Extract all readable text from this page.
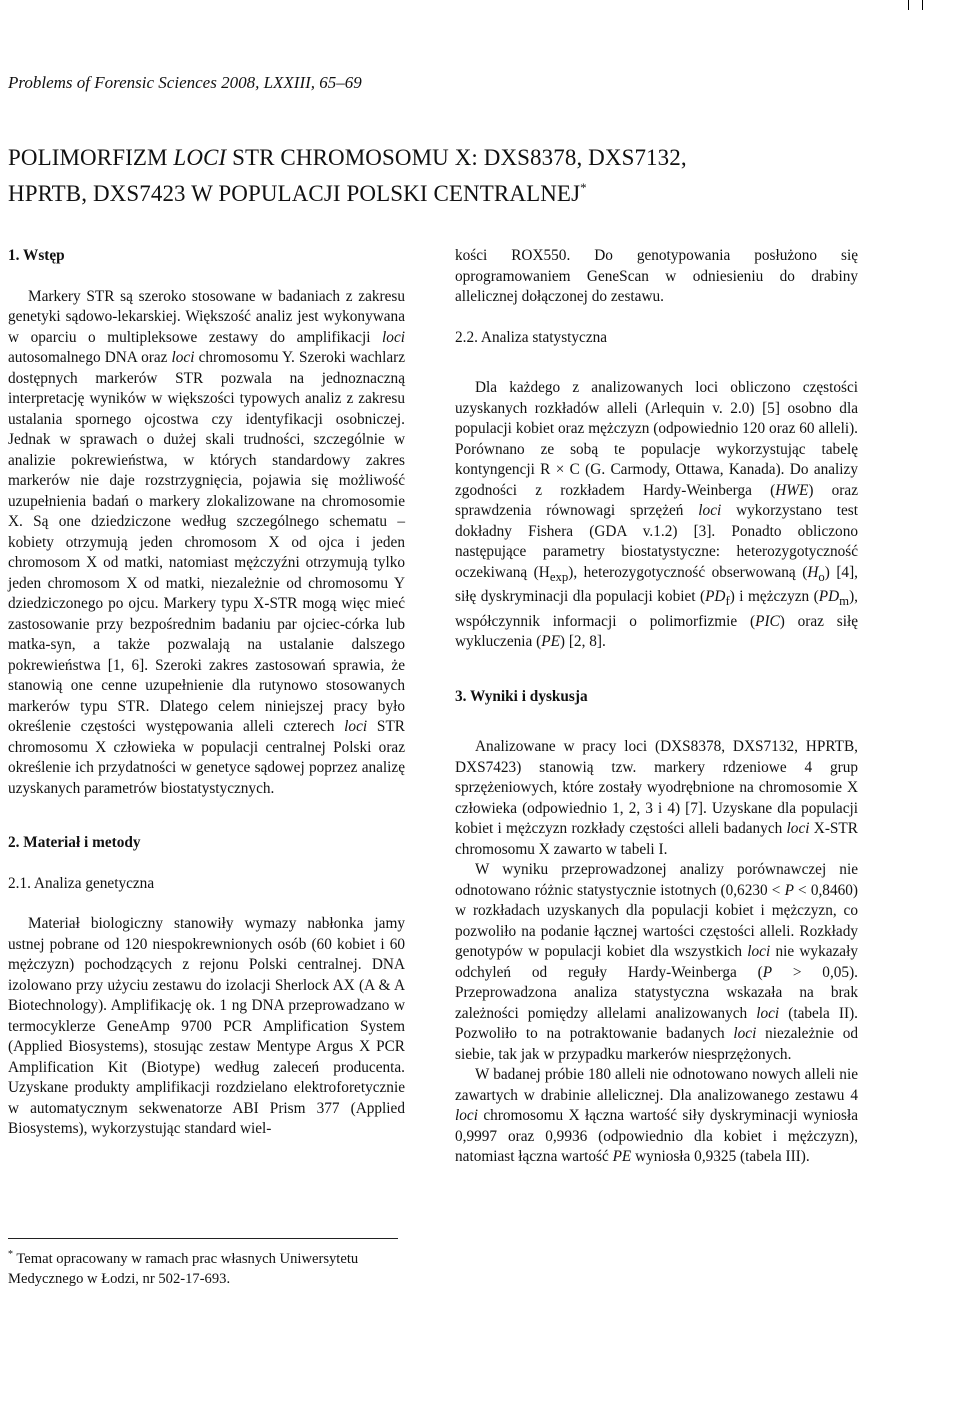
Problems of Forensic Sciences 2008, LXXIII, 65–69
POLIMORFIZM LOCI STR CHROMOSOMU X: DXS8378, DXS7132,
HPRTB, DXS7423 W POPULACJI POLSKI CENTRALNEJ*
1. Wstęp

Markery STR są szeroko stosowane w badaniach z zakresu genetyki sądowo-lekarskiej. Większość analiz jest wykonywana w oparciu o multipleksowe zestawy do amplifikacji loci autosomalnego DNA oraz loci chromosomu Y. Szeroki wachlarz dostępnych markerów STR pozwala na jednoznaczną interpretację wyników w większości typowych analiz z zakresu ustalania spornego ojcostwa czy identyfikacji osobniczej. Jednak w sprawach o dużej skali trudności, szczególnie w analizie pokrewieństwa, w których standardowy zakres markerów nie daje rozstrzygnięcia, pojawia się możliwość uzupełnienia badań o markery zlokalizowane na chromosomie X. Są one dziedziczone według szczególnego schematu – kobiety otrzymują jeden chromosom X od ojca i jeden chromosom X od matki, natomiast mężczyźni otrzymują tylko jeden chromosom X od matki, niezależnie od chromosomu Y dziedziczonego po ojcu. Markery typu X-STR mogą więc mieć zastosowanie przy bezpośrednim badaniu par ojciec-córka lub matka-syn, a także pozwalają na ustalanie dalszego pokrewieństwa [1, 6]. Szeroki zakres zastosowań sprawia, że stanowią one cenne uzupełnienie dla rutynowo stosowanych markerów typu STR. Dlatego celem niniejszej pracy było określenie częstości występowania alleli czterech loci STR chromosomu X człowieka w populacji centralnej Polski oraz określenie ich przydatności w genetyce sądowej poprzez analizę uzyskanych parametrów biostatystycznych.

2. Materiał i metody
2.1. Analiza genetyczna

Materiał biologiczny stanowiły wymazy nabłonka jamy ustnej pobrane od 120 niespokrewnionych osób (60 kobiet i 60 mężczyzn) pochodzących z rejonu Polski centralnej. DNA izolowano przy użyciu zestawu do izolacji Sherlock AX (A & A Biotechnology). Amplifikację ok. 1 ng DNA przeprowadzano w termocyklerze GeneAmp 9700 PCR Amplification System (Applied Biosystems), stosując zestaw Mentype Argus X PCR Amplification Kit (Biotype) według zaleceń producenta. Uzyskane produkty amplifikacji rozdzielano elektroforetycznie w automatycznym sekwenatorze ABI Prism 377 (Applied Biosystems), wykorzystując standard wiel-

kości ROX550. Do genotypowania posłużono się oprogramowaniem GeneScan w odniesieniu do drabiny allelicznej dołączonej do zestawu.

2.2. Analiza statystyczna

Dla każdego z analizowanych loci obliczono częstości uzyskanych rozkładów alleli (Arlequin v. 2.0) [5] osobno dla populacji kobiet oraz mężczyzn (odpowiednio 120 oraz 60 alleli). Porównano ze sobą te populacje wykorzystując tabelę kontyngencji R × C (G. Carmody, Ottawa, Kanada). Do analizy zgodności z rozkładem Hardy-Weinberga (HWE) oraz sprawdzenia równowagi sprzężeń loci wykorzystano test dokładny Fishera (GDA v.1.2) [3]. Ponadto obliczono następujące parametry biostatystyczne: heterozygotyczność oczekiwaną $(H_{exp})$, heterozygotyczność obserwowaną $(H_o)$ [4], siłę dyskryminacji dla populacji kobiet $(PD_f)$ i mężczyzn $(PD_m)$, współczynnik informacji o polimorfizmie (PIC) oraz siłę wykluczenia (PE) [2, 8].

3. Wyniki i dyskusja

Analizowane w pracy loci (DXS8378, DXS7132, HPRTB, DXS7423) stanowią tzw. markery rdzeniowe 4 grup sprzężeniowych, które zostały wyodrębnione na chromosomie X człowieka (odpowiednio 1, 2, 3 i 4) [7]. Uzyskane dla populacji kobiet i mężczyzn rozkłady częstości alleli badanych loci X-STR chromosomu X zawarto w tabeli I.

W wyniku przeprowadzonej analizy porównawczej nie odnotowano różnic statystycznie istotnych (0,6230 < P < 0,8460) w rozkładach uzyskanych dla populacji kobiet i mężczyzn, co pozwoliło na podanie łącznej wartości częstości alleli. Rozkłady genotypów w populacji kobiet dla wszystkich loci nie wykazały odchyleń od reguły Hardy-Weinberga (P > 0,05). Przeprowadzona analiza statystyczna wskazała na brak zależności pomiędzy allelami analizowanych loci (tabela II). Pozwoliło to na potraktowanie badanych loci niezależnie od siebie, tak jak w przypadku markerów niesprzężonych.

W badanej próbie 180 alleli nie odnotowano nowych alleli nie zawartych w drabinie allelicznej. Dla analizowanego zestawu 4 loci chromosomu X łączna wartość siły dyskryminacji wyniosła 0,9997 oraz 0,9936 (odpowiednio dla kobiet i mężczyzn), natomiast łączna wartość PE wyniosła 0,9325 (tabela III).

* Temat opracowany w ramach prac własnych Uniwersytetu Medycznego w Łodzi, nr 502-17-693.
